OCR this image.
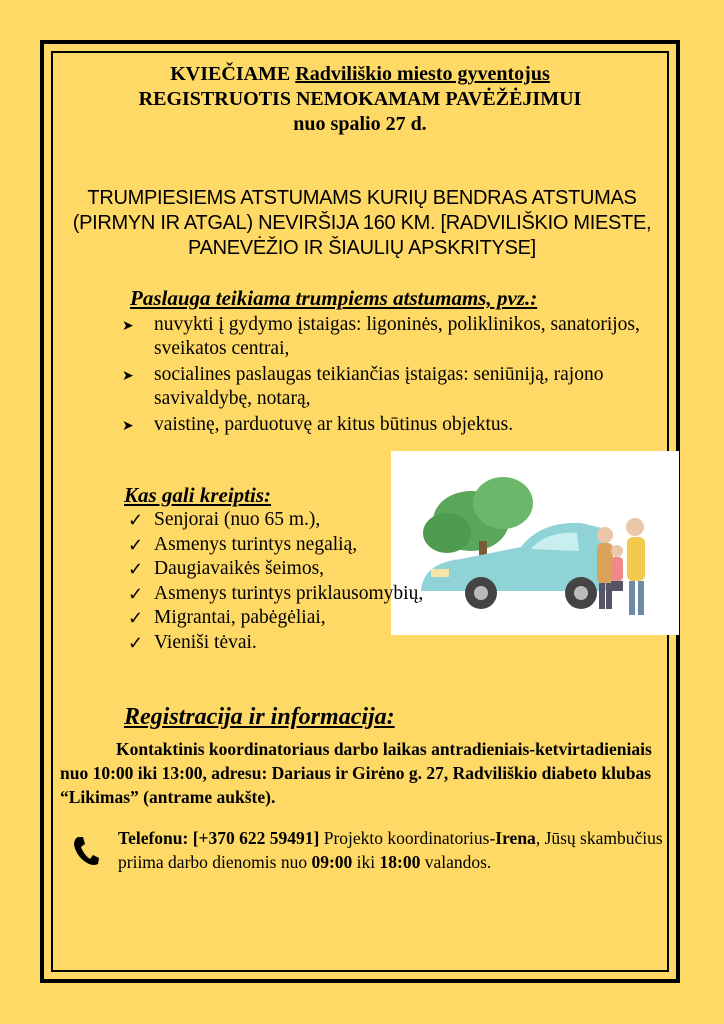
KVIEČIAME Radviliškio miesto gyventojus
REGISTRUOTIS NEMOKAMAM PAVĖŽĖJIMUI
nuo spalio 27 d.
TRUMPIESIEMS ATSTUMAMS KURIŲ BENDRAS ATSTUMAS (PIRMYN IR ATGAL) NEVIRŠIJA 160 KM. [RADVILIŠKIO MIESTE, PANEVĖŽIO IR ŠIAULIŲ APSKRITYSE]
Paslauga teikiama trumpiems atstumams, pvz.:
➤ nuvykti į gydymo įstaigas: ligoninės, poliklinikos, sanatorijos, sveikatos centrai,
➤ socialines paslaugas teikiančias įstaigas: seniūniją, rajono savivaldybę, notarą,
➤ vaistinę, parduotuvę ar kitus būtinus objektus.
Kas gali kreiptis:
✓ Senjorai (nuo 65 m.),
✓ Asmenys turintys negalią,
✓ Daugiavaikės šeimos,
✓ Asmenys turintys priklausomybių,
✓ Migrantai, pabėgėliai,
✓ Vieniši tėvai.
Registracija ir informacija:
Kontaktinis koordinatoriaus darbo laikas antradieniais-ketvirtadieniais nuo 10:00 iki 13:00, adresu: Dariaus ir Girėno g. 27, Radviliškio diabeto klubas “Likimas” (antrame aukšte).
Telefonu: [+370 622 59491] Projekto koordinatorius-Irena, Jūsų skambučius priima darbo dienomis nuo 09:00 iki 18:00 valandos.
